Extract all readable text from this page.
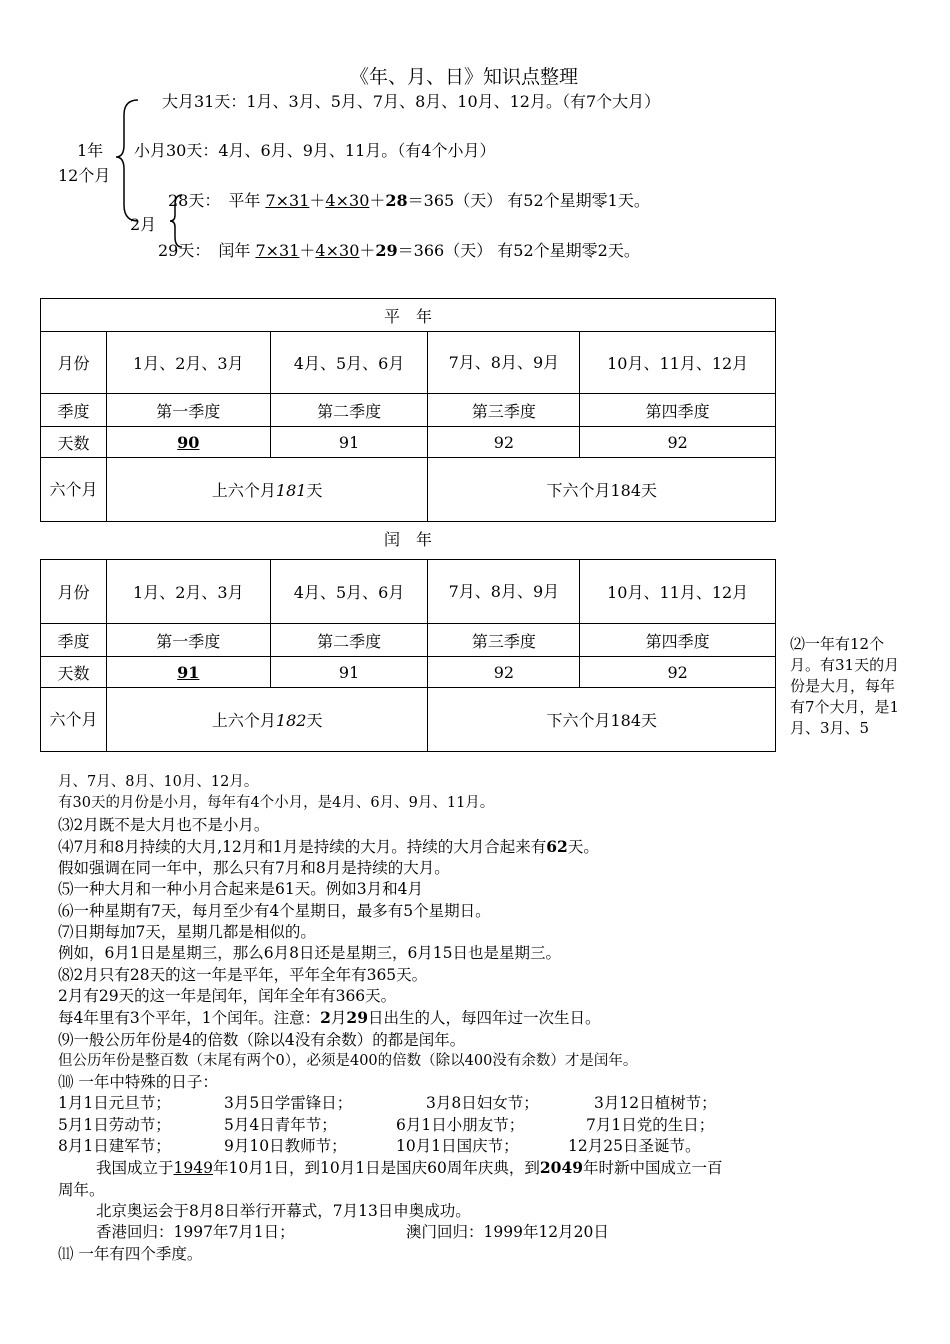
《年、月、日》知识点整理
1年
12个月
大月31天：1月、3月、5月、7月、8月、10月、12月。（有7个大月）
小月30天：4月、6月、9月、11月。（有4个小月）
2月
28天：　平年 7×31＋4×30＋28＝365（天） 有52个星期零1天。
29天：　闰年 7×31＋4×30＋29＝366（天） 有52个星期零2天。
平　年				
月份	1月、2月、3月	4月、5月、6月	7月、8月、9月	10月、11月、12月
季度	第一季度	第二季度	第三季度	第四季度
天数	90	91	92	92
六个月	上六个月181天		下六个月184天	
闰　年
月份	1月、2月、3月	4月、5月、6月	7月、8月、9月	10月、11月、12月
季度	第一季度	第二季度	第三季度	第四季度
天数	91	91	92	92
六个月	上六个月182天		下六个月184天	
⑵一年有12个月。有31天的月份是大月，每年有7个大月，是1月、3月、5
月、7月、8月、10月、12月。
有30天的月份是小月，每年有4个小月，是4月、6月、9月、11月。
⑶2月既不是大月也不是小月。
⑷7月和8月持续的大月,12月和1月是持续的大月。持续的大月合起来有62天。
假如强调在同一年中，那么只有7月和8月是持续的大月。
⑸一种大月和一种小月合起来是61天。例如3月和4月
⑹一种星期有7天，每月至少有4个星期日，最多有5个星期日。
⑺日期每加7天，星期几都是相似的。
例如，6月1日是星期三，那么6月8日还是星期三，6月15日也是星期三。
⑻2月只有28天的这一年是平年，平年全年有365天。
2月有29天的这一年是闰年，闰年全年有366天。
每4年里有3个平年，1个闰年。注意：2月29日出生的人，每四年过一次生日。
⑼一般公历年份是4的倍数（除以4没有余数）的都是闰年。
但公历年份是整百数（末尾有两个0），必须是400的倍数（除以400没有余数）才是闰年。
⑽ 一年中特殊的日子：
1月1日元旦节；	3月5日学雷锋日；	3月8日妇女节；	3月12日植树节；
5月1日劳动节；	5月4日青年节；	6月1日小朋友节；	7月1日党的生日；
8月1日建军节；	9月10日教师节；	10月1日国庆节；	12月25日圣诞节。
我国成立于1949年10月1日，到10月1日是国庆60周年庆典，到2049年时新中国成立一百
周年。
北京奥运会于8月8日举行开幕式，7月13日申奥成功。
香港回归：1997年7月1日；	澳门回归：1999年12月20日
⑾ 一年有四个季度。
